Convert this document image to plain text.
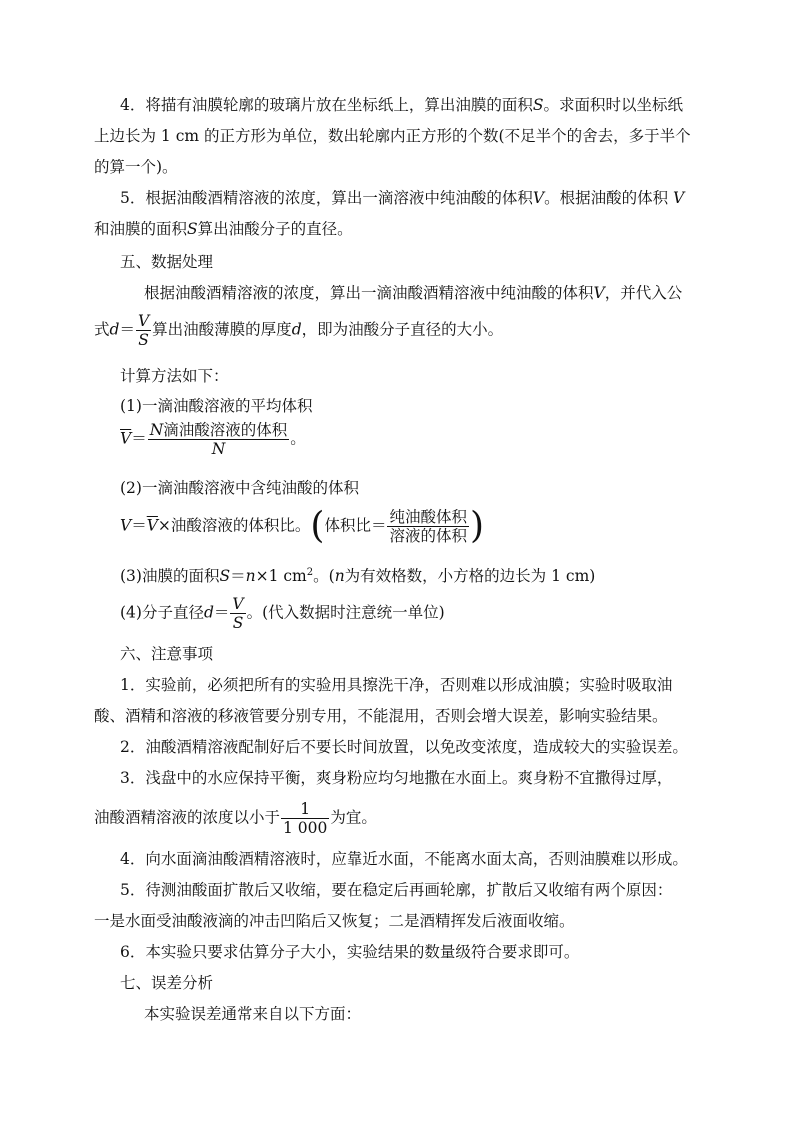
4．将描有油膜轮廓的玻璃片放在坐标纸上，算出油膜的面积S。求面积时以坐标纸
上边长为 1 cm 的正方形为单位，数出轮廓内正方形的个数(不足半个的舍去，多于半个
的算一个)。
5．根据油酸酒精溶液的浓度，算出一滴溶液中纯油酸的体积V。根据油酸的体积 V
和油膜的面积S算出油酸分子的直径。
五、数据处理
根据油酸酒精溶液的浓度，算出一滴油酸酒精溶液中纯油酸的体积V，并代入公
式$d= \frac{V}{S}$ 算出油酸薄膜的厚度d，即为油酸分子直径的大小。
计算方法如下：
(1)一滴油酸溶液的平均体积
$\overline{V}= \frac{\text{N滴油酸溶液的体积}}{N}$ 。
(2)一滴油酸溶液中含纯油酸的体积
$V=\overline{V}\times$油酸溶液的体积比。(体积比＝ $\frac{\text{纯油酸体积}}{\text{溶液的体积}}$ )
(3)油膜的面积S＝n×1 $cm^2$。(n为有效格数，小方格的边长为 1 cm)
(4)分子直径$d= \frac{V}{S}$ 。(代入数据时注意统一单位)
六、注意事项
1．实验前，必须把所有的实验用具擦洗干净，否则难以形成油膜；实验时吸取油
酸、酒精和溶液的移液管要分别专用，不能混用，否则会增大误差，影响实验结果。
2．油酸酒精溶液配制好后不要长时间放置，以免改变浓度，造成较大的实验误差。
3．浅盘中的水应保持平衡，爽身粉应均匀地撒在水面上。爽身粉不宜撒得过厚，
油酸酒精溶液的浓度以小于 $\frac{1}{1 000}$ 为宜。
4．向水面滴油酸酒精溶液时，应靠近水面，不能离水面太高，否则油膜难以形成。
5．待测油酸面扩散后又收缩，要在稳定后再画轮廓，扩散后又收缩有两个原因：
一是水面受油酸液滴的冲击凹陷后又恢复；二是酒精挥发后液面收缩。
6．本实验只要求估算分子大小，实验结果的数量级符合要求即可。
七、误差分析
本实验误差通常来自以下方面：
